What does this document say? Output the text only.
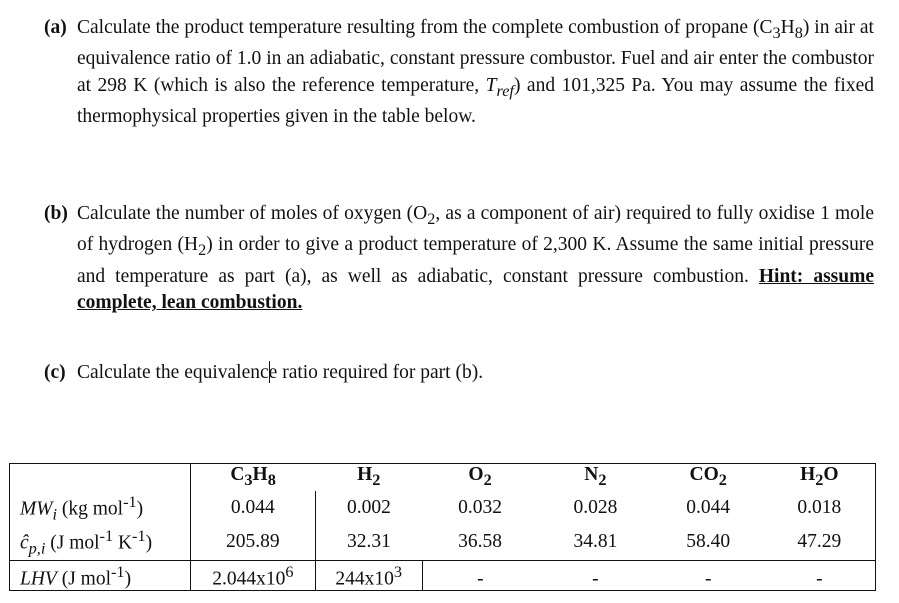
(a) Calculate the product temperature resulting from the complete combustion of propane $(C_3H_8)$ in air at equivalence ratio of 1.0 in an adiabatic, constant pressure combustor. Fuel and air enter the combustor at 298 K (which is also the reference temperature, $T_{ref}$) and 101,325 Pa. You may assume the fixed thermophysical properties given in the table below.
(b) Calculate the number of moles of oxygen ($O_2$, as a component of air) required to fully oxidise 1 mole of hydrogen $(H_2)$ in order to give a product temperature of 2,300 K. Assume the same initial pressure and temperature as part (a), as well as adiabatic, constant pressure combustion. Hint: assume complete, lean combustion.
(c) Calculate the equivalence ratio required for part (b).
	$C_3H_8$	$H_2$	$O_2$	$N_2$	$CO_2$	$H_2O$
$MW_i$ (kg mol$^{-1}$)	0.044	0.002	0.032	0.028	0.044	0.018
$ĉ_{p,i}$ (J mol$^{-1}$ $K^{-1}$)	205.89	32.31	36.58	34.81	58.40	47.29
LHV (J mol$^{-1}$)	$2.044x10^6$	$244x10^3$	-	-	-	-
